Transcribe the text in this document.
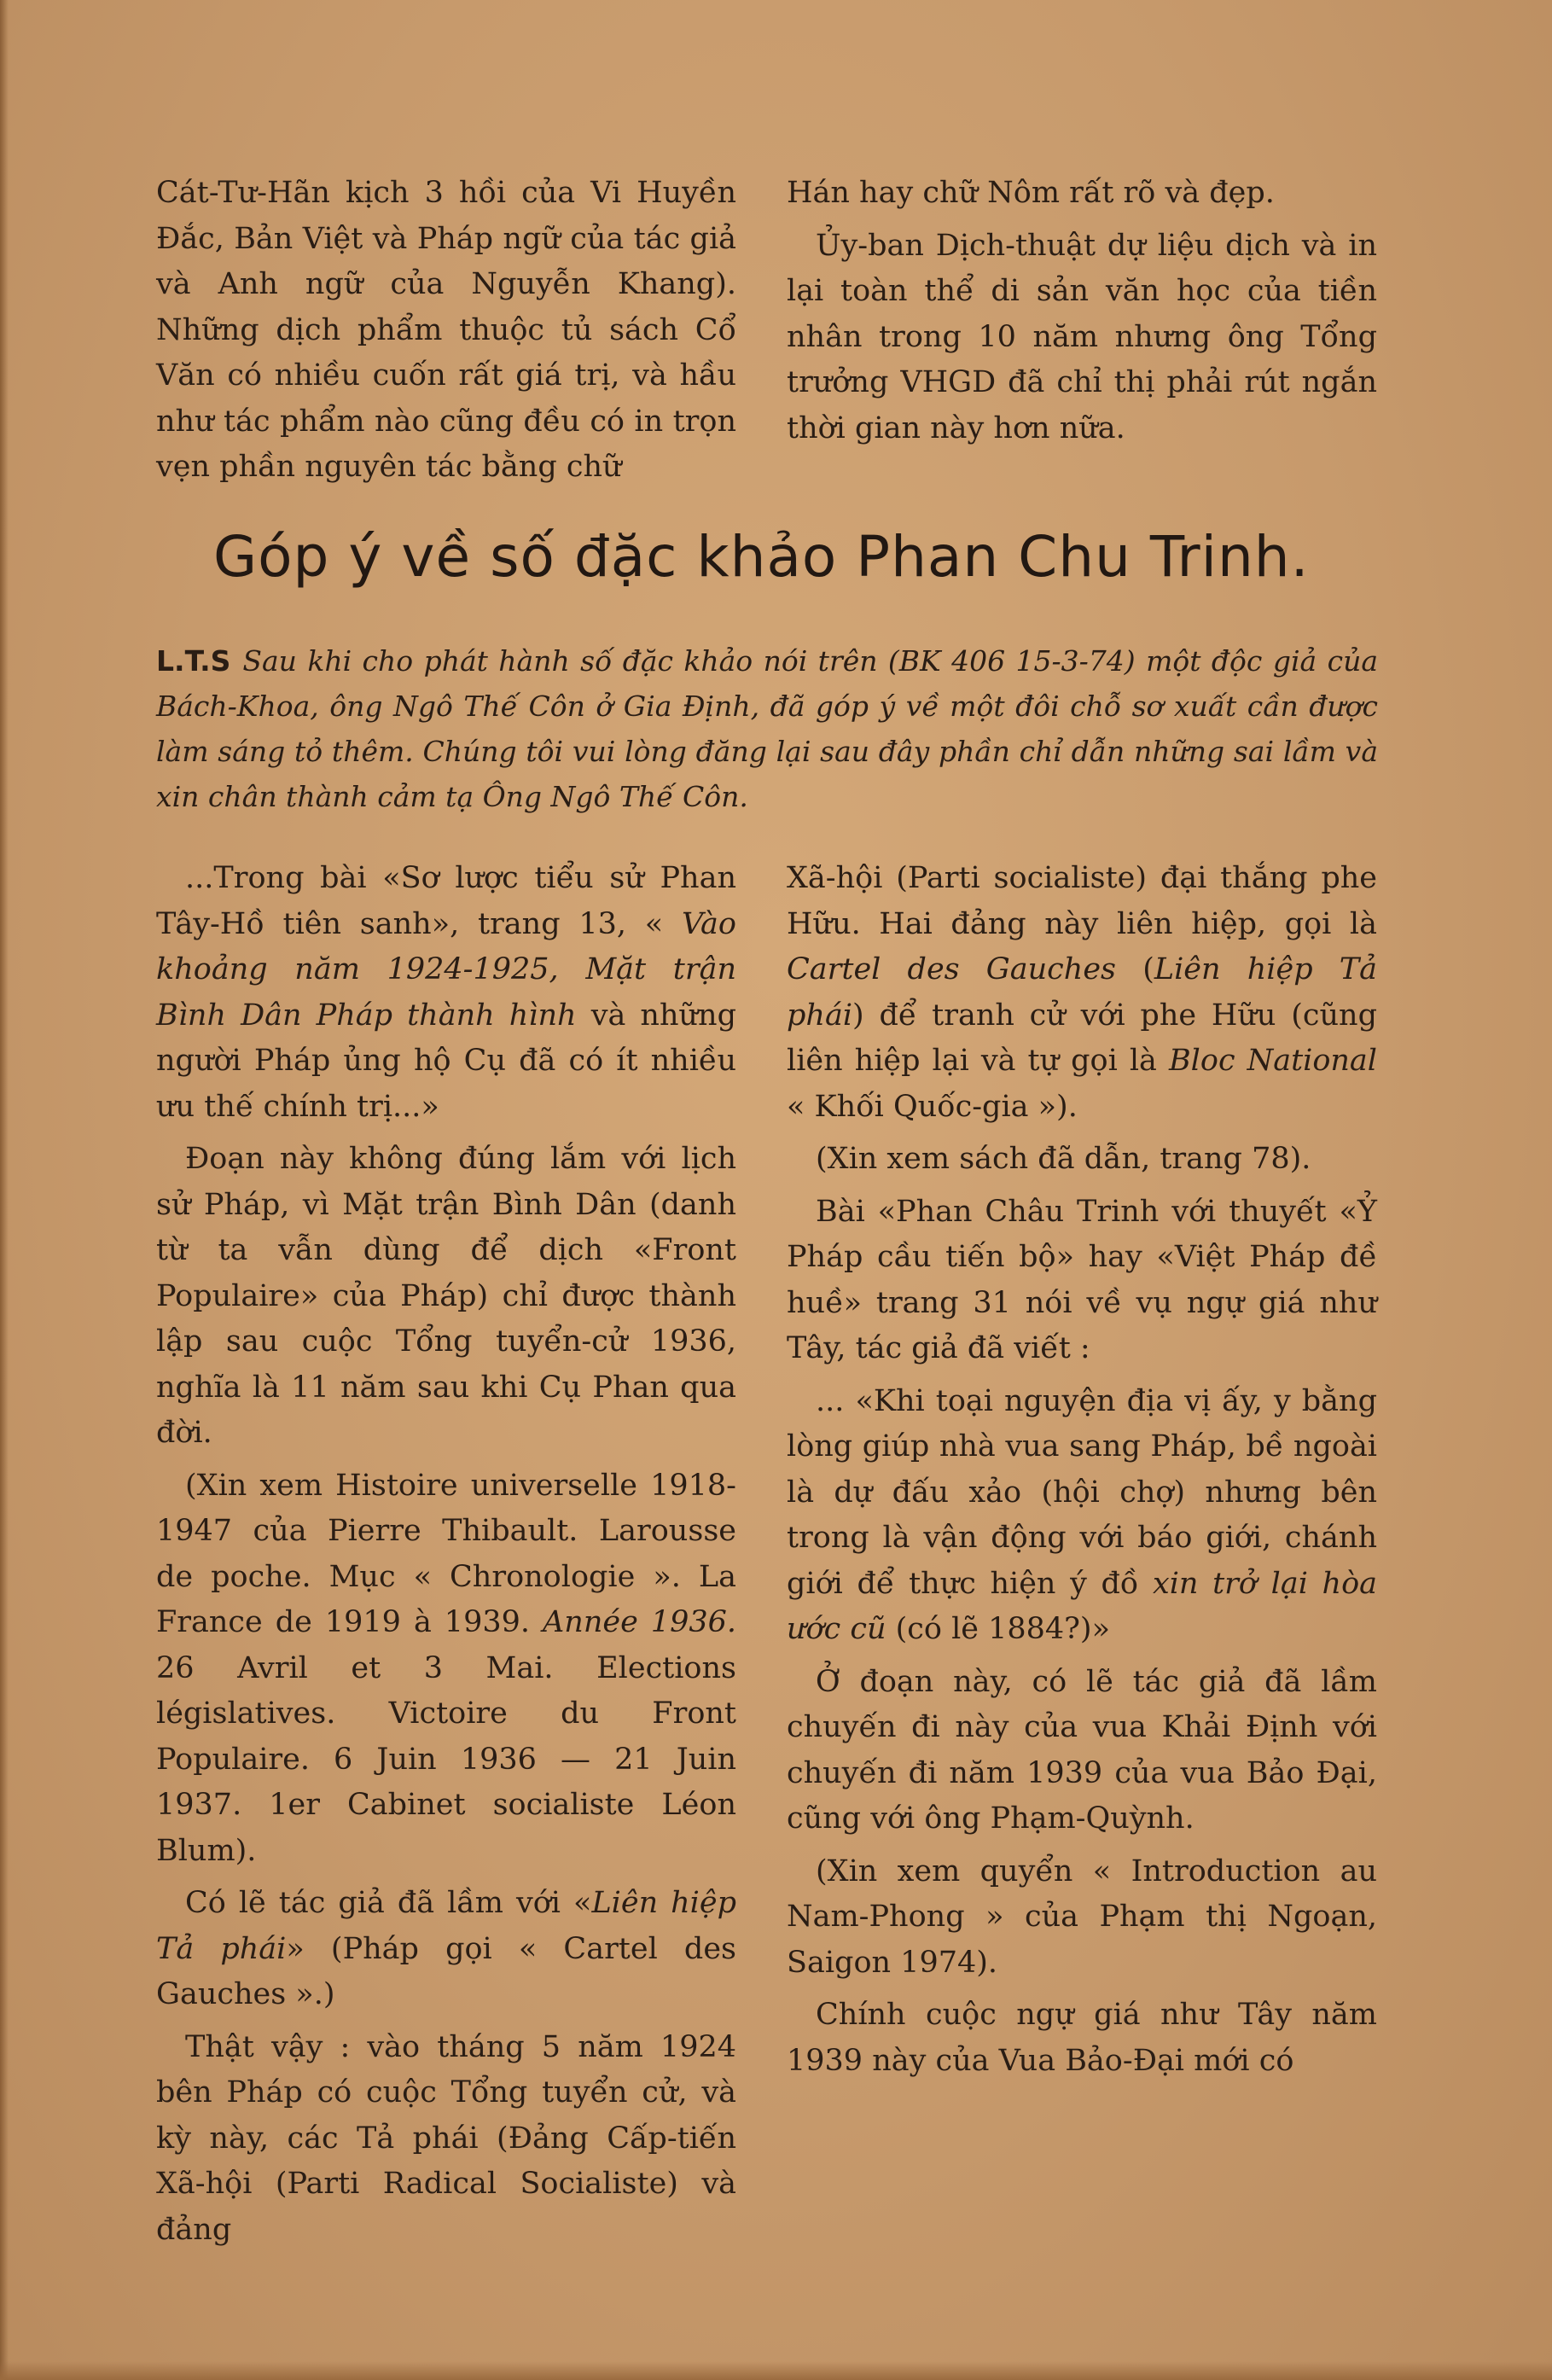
Cát-Tư-Hãn kịch 3 hồi của Vi Huyền Đắc, Bản Việt và Pháp ngữ của tác giả và Anh ngữ của Nguyễn Khang). Những dịch phẩm thuộc tủ sách Cổ Văn có nhiều cuốn rất giá trị, và hầu như tác phẩm nào cũng đều có in trọn vẹn phần nguyên tác bằng chữ

Hán hay chữ Nôm rất rõ và đẹp.

Ủy-ban Dịch-thuật dự liệu dịch và in lại toàn thể di sản văn học của tiền nhân trong 10 năm nhưng ông Tổng trưởng VHGD đã chỉ thị phải rút ngắn thời gian này hơn nữa.

Góp ý về số đặc khảo Phan Chu Trinh.
L.T.S Sau khi cho phát hành số đặc khảo nói trên (BK 406 15-3-74) một độc giả của Bách-Khoa, ông Ngô Thế Côn ở Gia Định, đã góp ý về một đôi chỗ sơ xuất cần được làm sáng tỏ thêm. Chúng tôi vui lòng đăng lại sau đây phần chỉ dẫn những sai lầm và xin chân thành cảm tạ Ông Ngô Thế Côn.

...Trong bài «Sơ lược tiểu sử Phan Tây-Hồ tiên sanh», trang 13, « Vào khoảng năm 1924-1925, Mặt trận Bình Dân Pháp thành hình và những người Pháp ủng hộ Cụ đã có ít nhiều ưu thế chính trị...»

Đoạn này không đúng lắm với lịch sử Pháp, vì Mặt trận Bình Dân (danh từ ta vẫn dùng để dịch «Front Populaire» của Pháp) chỉ được thành lập sau cuộc Tổng tuyển-cử 1936, nghĩa là 11 năm sau khi Cụ Phan qua đời.

(Xin xem Histoire universelle 1918-1947 của Pierre Thibault. Larousse de poche. Mục « Chronologie ». La France de 1919 à 1939. Année 1936. 26 Avril et 3 Mai. Elections législatives. Victoire du Front Populaire. 6 Juin 1936 — 21 Juin 1937. 1er Cabinet socialiste Léon Blum).

Có lẽ tác giả đã lầm với «Liên hiệp Tả phái» (Pháp gọi « Cartel des Gauches ».)

Thật vậy : vào tháng 5 năm 1924 bên Pháp có cuộc Tổng tuyển cử, và kỳ này, các Tả phái (Đảng Cấp-tiến Xã-hội (Parti Radical Socialiste) và đảng

Xã-hội (Parti socialiste) đại thắng phe Hữu. Hai đảng này liên hiệp, gọi là Cartel des Gauches (Liên hiệp Tả phái) để tranh cử với phe Hữu (cũng liên hiệp lại và tự gọi là Bloc National « Khối Quốc-gia »).

(Xin xem sách đã dẫn, trang 78).

Bài «Phan Châu Trinh với thuyết «Ỷ Pháp cầu tiến bộ» hay «Việt Pháp đề huề» trang 31 nói về vụ ngự giá như Tây, tác giả đã viết :

... «Khi toại nguyện địa vị ấy, y bằng lòng giúp nhà vua sang Pháp, bề ngoài là dự đấu xảo (hội chợ) nhưng bên trong là vận động với báo giới, chánh giới để thực hiện ý đồ xin trở lại hòa ước cũ (có lẽ 1884?)»

Ở đoạn này, có lẽ tác giả đã lầm chuyến đi này của vua Khải Định với chuyến đi năm 1939 của vua Bảo Đại, cũng với ông Phạm-Quỳnh.

(Xin xem quyển « Introduction au Nam-Phong » của Phạm thị Ngoạn, Saigon 1974).

Chính cuộc ngự giá như Tây năm 1939 này của Vua Bảo-Đại mới có
